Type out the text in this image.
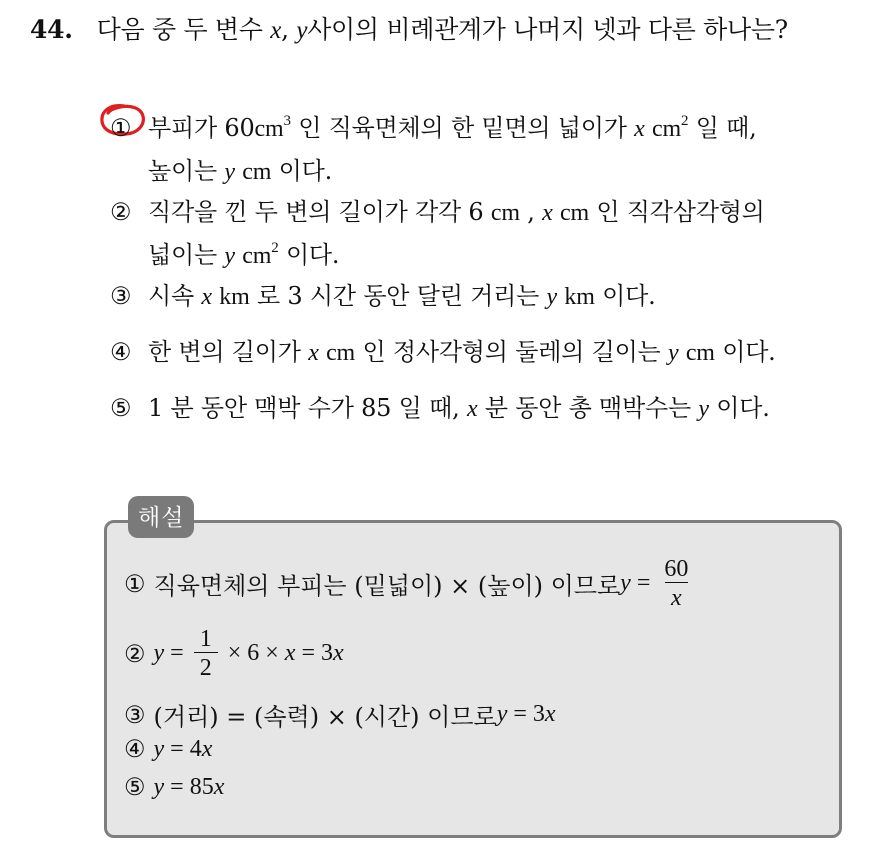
44. 다음 중 두 변수 x, y사이의 비례관계가 나머지 넷과 다른 하나는?
① 부피가 $60cm^3$ 인 직육면체의 한 밑면의 넓이가 x $cm^2$ 일 때,
높이는 y cm 이다.
② 직각을 낀 두 변의 길이가 각각 6 cm , x cm 인 직각삼각형의
넓이는 y $cm^2$ 이다.
③ 시속 x km 로 3 시간 동안 달린 거리는 y km 이다.
④ 한 변의 길이가 x cm 인 정사각형의 둘레의 길이는 y cm 이다.
⑤ 1 분 동안 맥박 수가 85 일 때, x 분 동안 총 맥박수는 y 이다.
해설
① 직육면체의 부피는 (밑넓이) × (높이) 이므로 $y = \frac{60}{x}$
② $y = \frac{1}{2} \times 6 \times x = 3$ x
③ (거리) = (속력) × (시간) 이므로 y = 3 x
④ y = 4 x
⑤ y = 85 x
